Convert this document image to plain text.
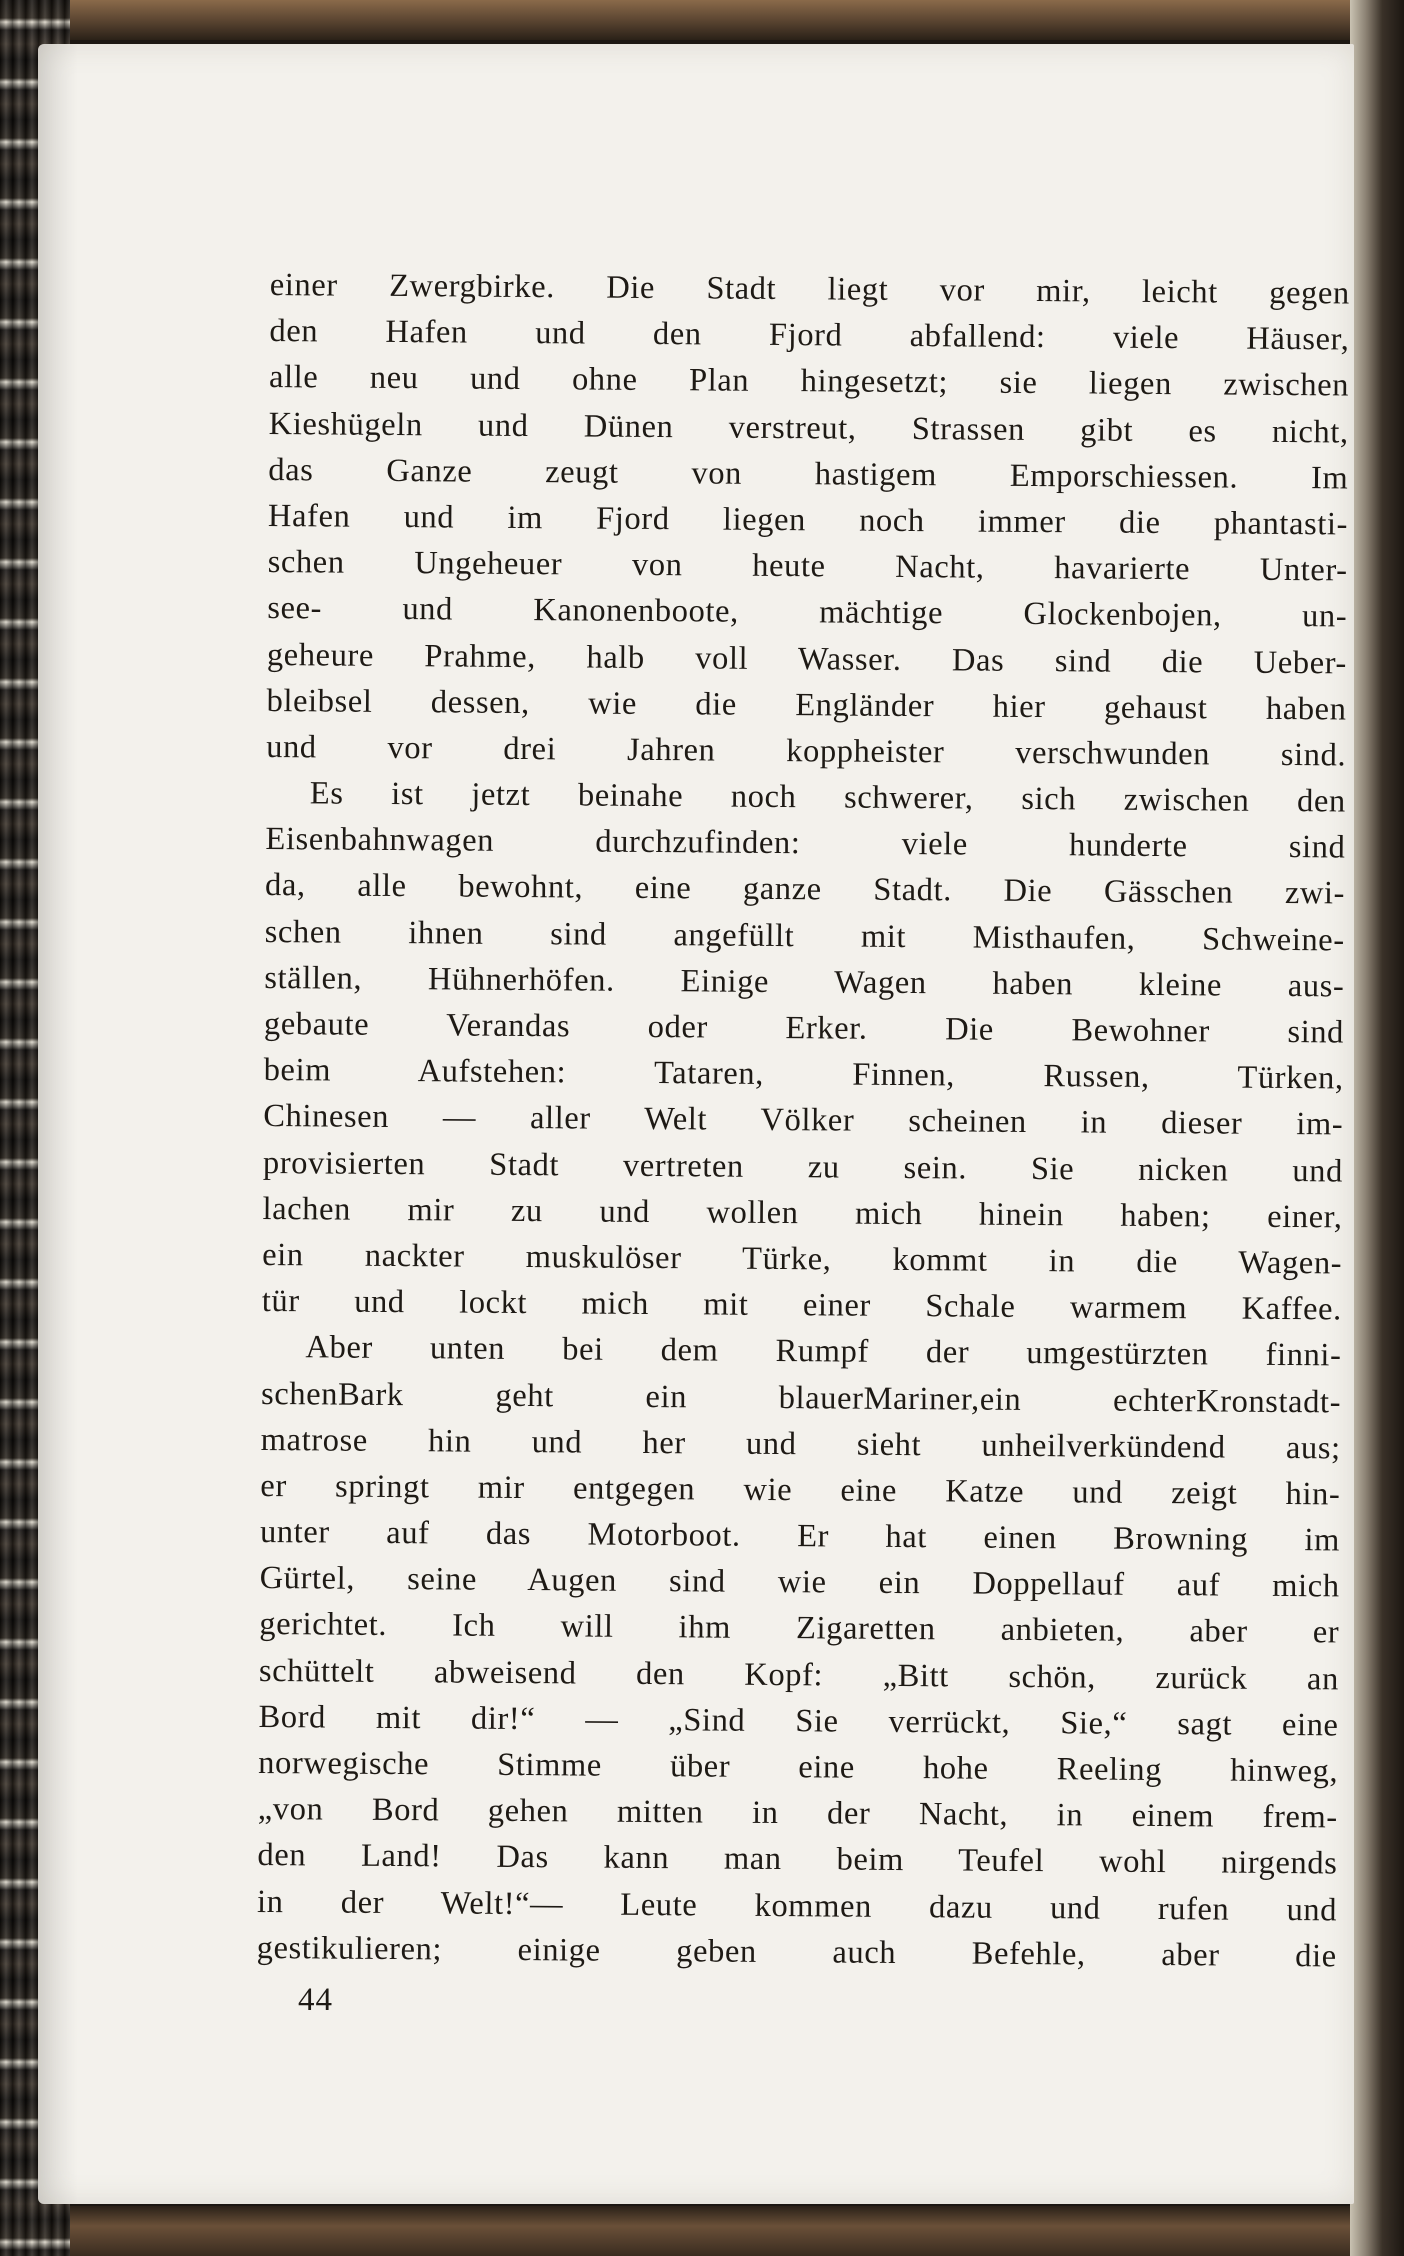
einer Zwergbirke. Die Stadt liegt vor mir, leicht gegen
den Hafen und den Fjord abfallend: viele Häuser,
alle neu und ohne Plan hingesetzt; sie liegen zwischen
Kieshügeln und Dünen verstreut, Strassen gibt es nicht,
das Ganze zeugt von hastigem Emporschiessen. Im
Hafen und im Fjord liegen noch immer die phantasti-
schen Ungeheuer von heute Nacht, havarierte Unter-
see- und Kanonenboote, mächtige Glockenbojen, un-
geheure Prahme, halb voll Wasser. Das sind die Ueber-
bleibsel dessen, wie die Engländer hier gehaust haben
und vor drei Jahren koppheister verschwunden sind.
Es ist jetzt beinahe noch schwerer, sich zwischen den
Eisenbahnwagen durchzufinden: viele hunderte sind
da, alle bewohnt, eine ganze Stadt. Die Gässchen zwi-
schen ihnen sind angefüllt mit Misthaufen, Schweine-
ställen, Hühnerhöfen. Einige Wagen haben kleine aus-
gebaute Verandas oder Erker. Die Bewohner sind
beim Aufstehen: Tataren, Finnen, Russen, Türken,
Chinesen — aller Welt Völker scheinen in dieser im-
provisierten Stadt vertreten zu sein. Sie nicken und
lachen mir zu und wollen mich hinein haben; einer,
ein nackter muskulöser Türke, kommt in die Wagen-
tür und lockt mich mit einer Schale warmem Kaffee.
Aber unten bei dem Rumpf der umgestürzten finni-
schenBark geht ein blauerMariner,ein echterKronstadt-
matrose hin und her und sieht unheilverkündend aus;
er springt mir entgegen wie eine Katze und zeigt hin-
unter auf das Motorboot. Er hat einen Browning im
Gürtel, seine Augen sind wie ein Doppellauf auf mich
gerichtet. Ich will ihm Zigaretten anbieten, aber er
schüttelt abweisend den Kopf: „Bitt schön, zurück an
Bord mit dir!“ — „Sind Sie verrückt, Sie,“ sagt eine
norwegische Stimme über eine hohe Reeling hinweg,
„von Bord gehen mitten in der Nacht, in einem frem-
den Land! Das kann man beim Teufel wohl nirgends
in der Welt!“— Leute kommen dazu und rufen und
gestikulieren; einige geben auch Befehle, aber die
44
